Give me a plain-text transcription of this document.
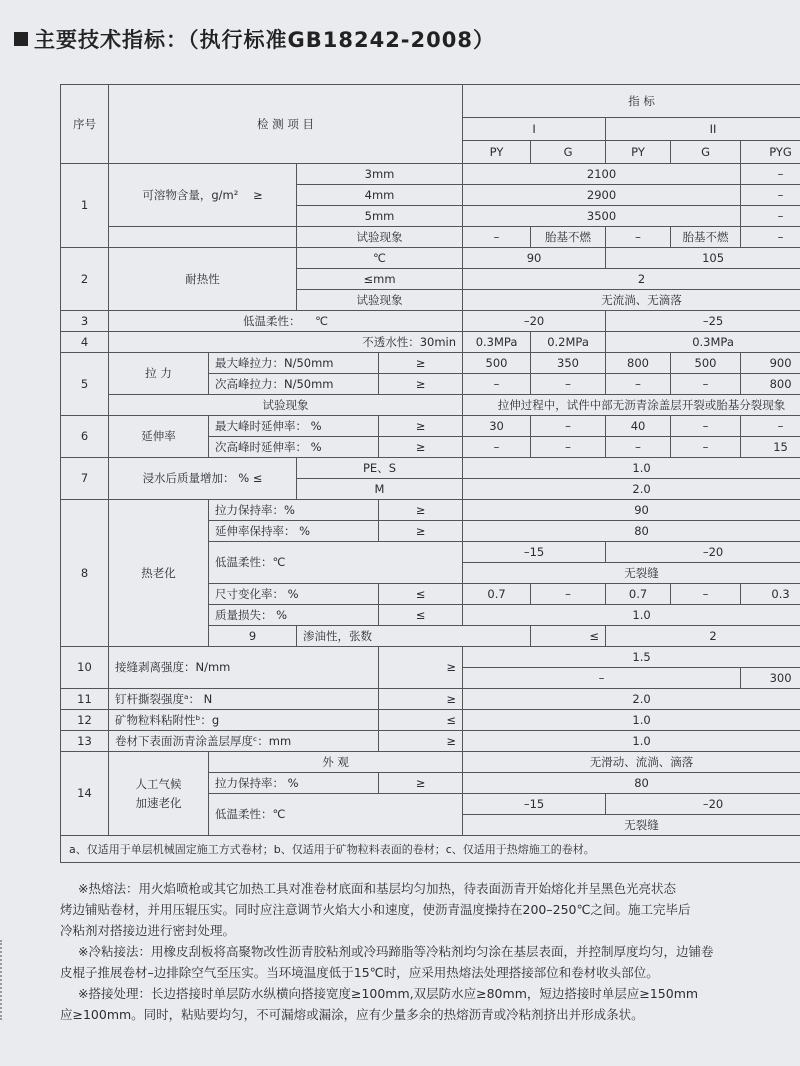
主要技术指标：（执行标准GB18242-2008）
序号	检 测 项 目				指 标				
					I		II		
					PY	G	PY	G	PYG
1	可溶物含量，g/m² ≥		3mm		2100				–
			4mm		2900				–
			5mm		3500				–
			试验现象		–	胎基不燃	–	胎基不燃	–
2	耐热性		℃		90		105		
			≤mm		2				
			试验现象		无流淌、无滴落				
3	低温柔性： ℃				–20		–25		
4	不透水性：30min				0.3MPa	0.2MPa	0.3MPa		
5	拉 力	最大峰拉力：N/50mm		≥	500	350	800	500	900
		次高峰拉力：N/50mm		≥	–	–	–	–	800
	试验现象				拉伸过程中，试件中部无沥青涂盖层开裂或胎基分裂现象				
6	延伸率	最大峰时延伸率： %		≥	30	–	40	–	–
		次高峰时延伸率： %		≥	–	–	–	–	15
7	浸水后质量增加： % ≤		PE、S		1.0				
			M		2.0				
8	热老化	拉力保持率：%		≥	90				
		延伸率保持率： %		≥	80				
		低温柔性：℃			–15		–20		
					无裂缝				
		尺寸变化率： %		≤	0.7	–	0.7	–	0.3
		质量损失： %		≤	1.0				
		9	渗油性，张数			≤	2		
10	接缝剥离强度：N/mm			≥	1.5				
					–				300
11	钉杆撕裂强度ᵃ： N			≥	2.0				
12	矿物粒料粘附性ᵇ：g			≤	1.0				
13	卷材下表面沥青涂盖层厚度ᶜ：mm			≥	1.0				
14	人工气候
加速老化	外 观			无滑动、流淌、滴落				
		拉力保持率： %		≥	80				
		低温柔性：℃			–15		–20		
					无裂缝				
a、仅适用于单层机械固定施工方式卷材；b、仅适用于矿物粒料表面的卷材；c、仅适用于热熔施工的卷材。									

※热熔法：用火焰喷枪或其它加热工具对准卷材底面和基层均匀加热，待表面沥青开始熔化并呈黑色光亮状态

烤边铺贴卷材，并用压辊压实。同时应注意调节火焰大小和速度，使沥青温度操持在200–250℃之间。施工完毕后

冷粘剂对搭接边进行密封处理。

※冷粘接法：用橡皮刮板将高聚物改性沥青胶粘剂或冷玛蹄脂等冷粘剂均匀涂在基层表面，并控制厚度均匀，边铺卷

皮棍子推展卷材–边排除空气至压实。当环境温度低于15℃时，应采用热熔法处理搭接部位和卷材收头部位。

※搭接处理：长边搭接时单层防水纵横向搭接宽度≥100mm,双层防水应≥80mm，短边搭接时单层应≥150mm

应≥100mm。同时，粘贴要均匀，不可漏熔或漏涂，应有少量多余的热熔沥青或冷粘剂挤出并形成条状。
